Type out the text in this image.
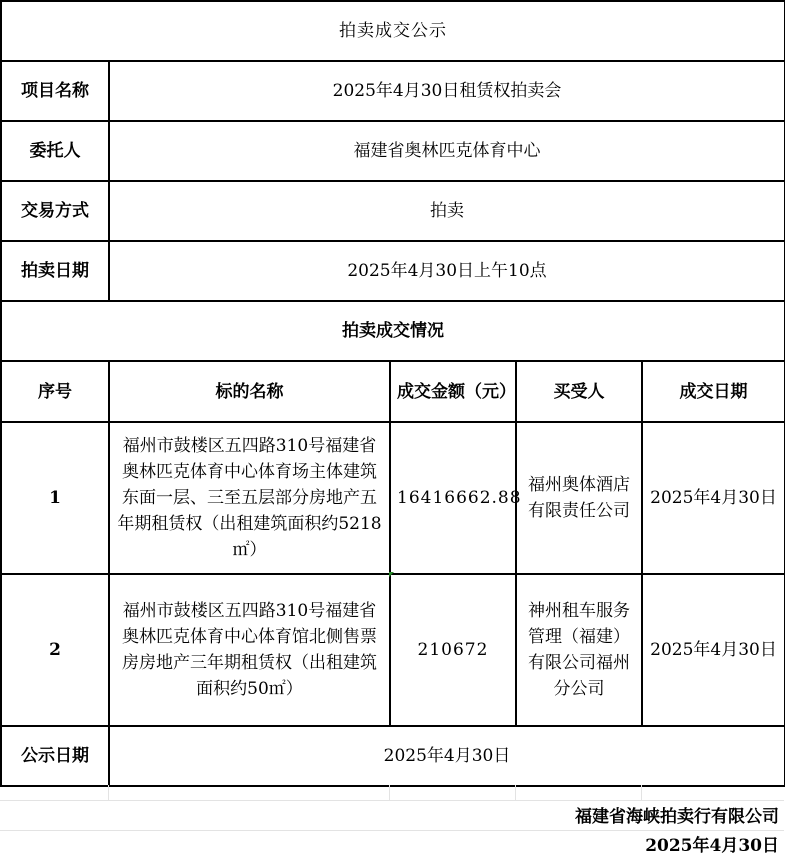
拍卖成交公示				
项目名称	2025年4月30日租赁权拍卖会			
委托人	福建省奥林匹克体育中心			
交易方式	拍卖			
拍卖日期	2025年4月30日上午10点			
拍卖成交情况				
序号	标的名称	成交金额（元）	买受人	成交日期
1	福州市鼓楼区五四路310号福建省奥林匹克体育中心体育场主体建筑东面一层、三至五层部分房地产五年期租赁权（出租建筑面积约5218㎡）	16416662.88	福州奥体酒店有限责任公司	2025年4月30日
2	福州市鼓楼区五四路310号福建省奥林匹克体育中心体育馆北侧售票房房地产三年期租赁权（出租建筑面积约50㎡）	210672	神州租车服务管理（福建）有限公司福州分公司	2025年4月30日
公示日期	2025年4月30日			
福建省海峡拍卖行有限公司
2025年4月30日
